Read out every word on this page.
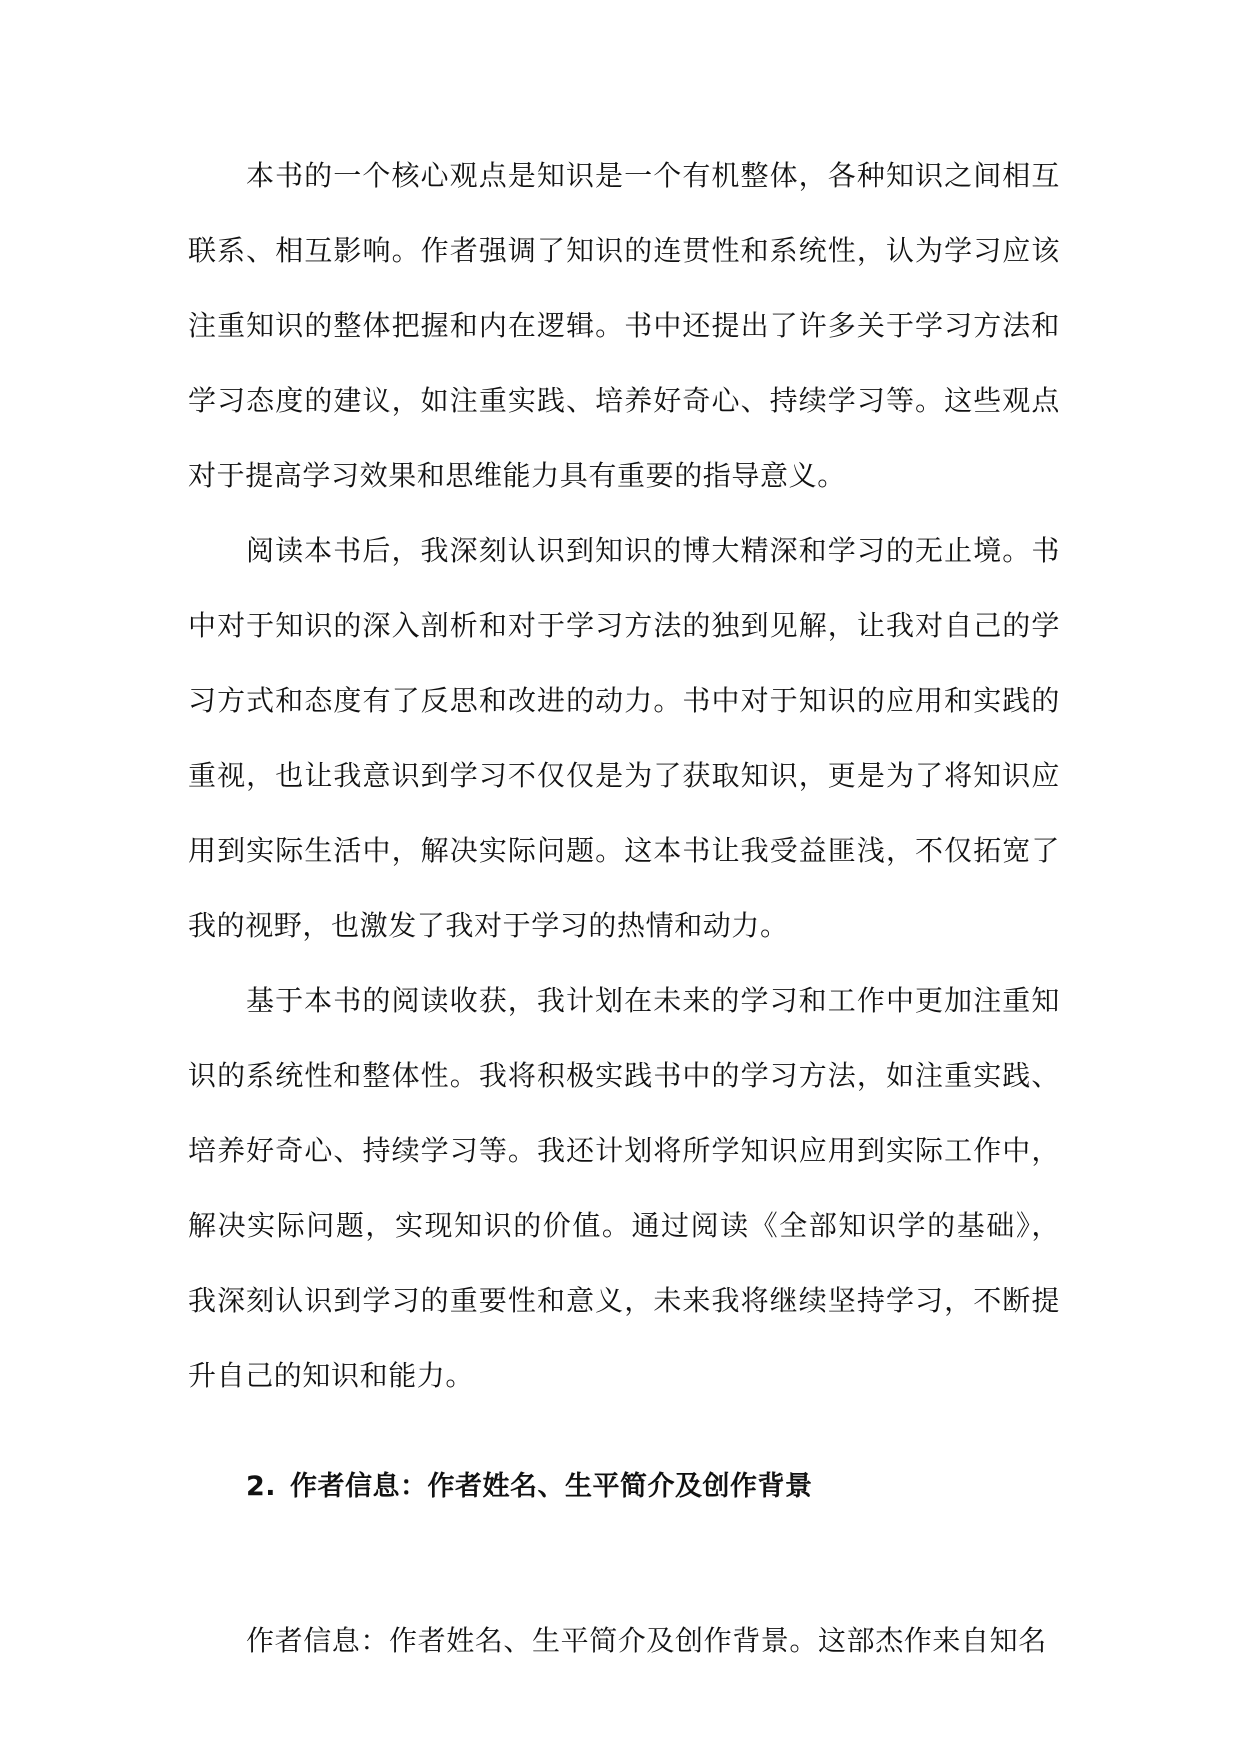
本书的一个核心观点是知识是一个有机整体，各种知识之间相互联系、相互影响。作者强调了知识的连贯性和系统性，认为学习应该注重知识的整体把握和内在逻辑。书中还提出了许多关于学习方法和学习态度的建议，如注重实践、培养好奇心、持续学习等。这些观点对于提高学习效果和思维能力具有重要的指导意义。

阅读本书后，我深刻认识到知识的博大精深和学习的无止境。书中对于知识的深入剖析和对于学习方法的独到见解，让我对自己的学习方式和态度有了反思和改进的动力。书中对于知识的应用和实践的重视，也让我意识到学习不仅仅是为了获取知识，更是为了将知识应用到实际生活中，解决实际问题。这本书让我受益匪浅，不仅拓宽了我的视野，也激发了我对于学习的热情和动力。

基于本书的阅读收获，我计划在未来的学习和工作中更加注重知识的系统性和整体性。我将积极实践书中的学习方法，如注重实践、培养好奇心、持续学习等。我还计划将所学知识应用到实际工作中，解决实际问题，实现知识的价值。通过阅读《全部知识学的基础》，我深刻认识到学习的重要性和意义，未来我将继续坚持学习，不断提升自己的知识和能力。

2. 作者信息：作者姓名、生平简介及创作背景

作者信息：作者姓名、生平简介及创作背景。这部杰作来自知名
